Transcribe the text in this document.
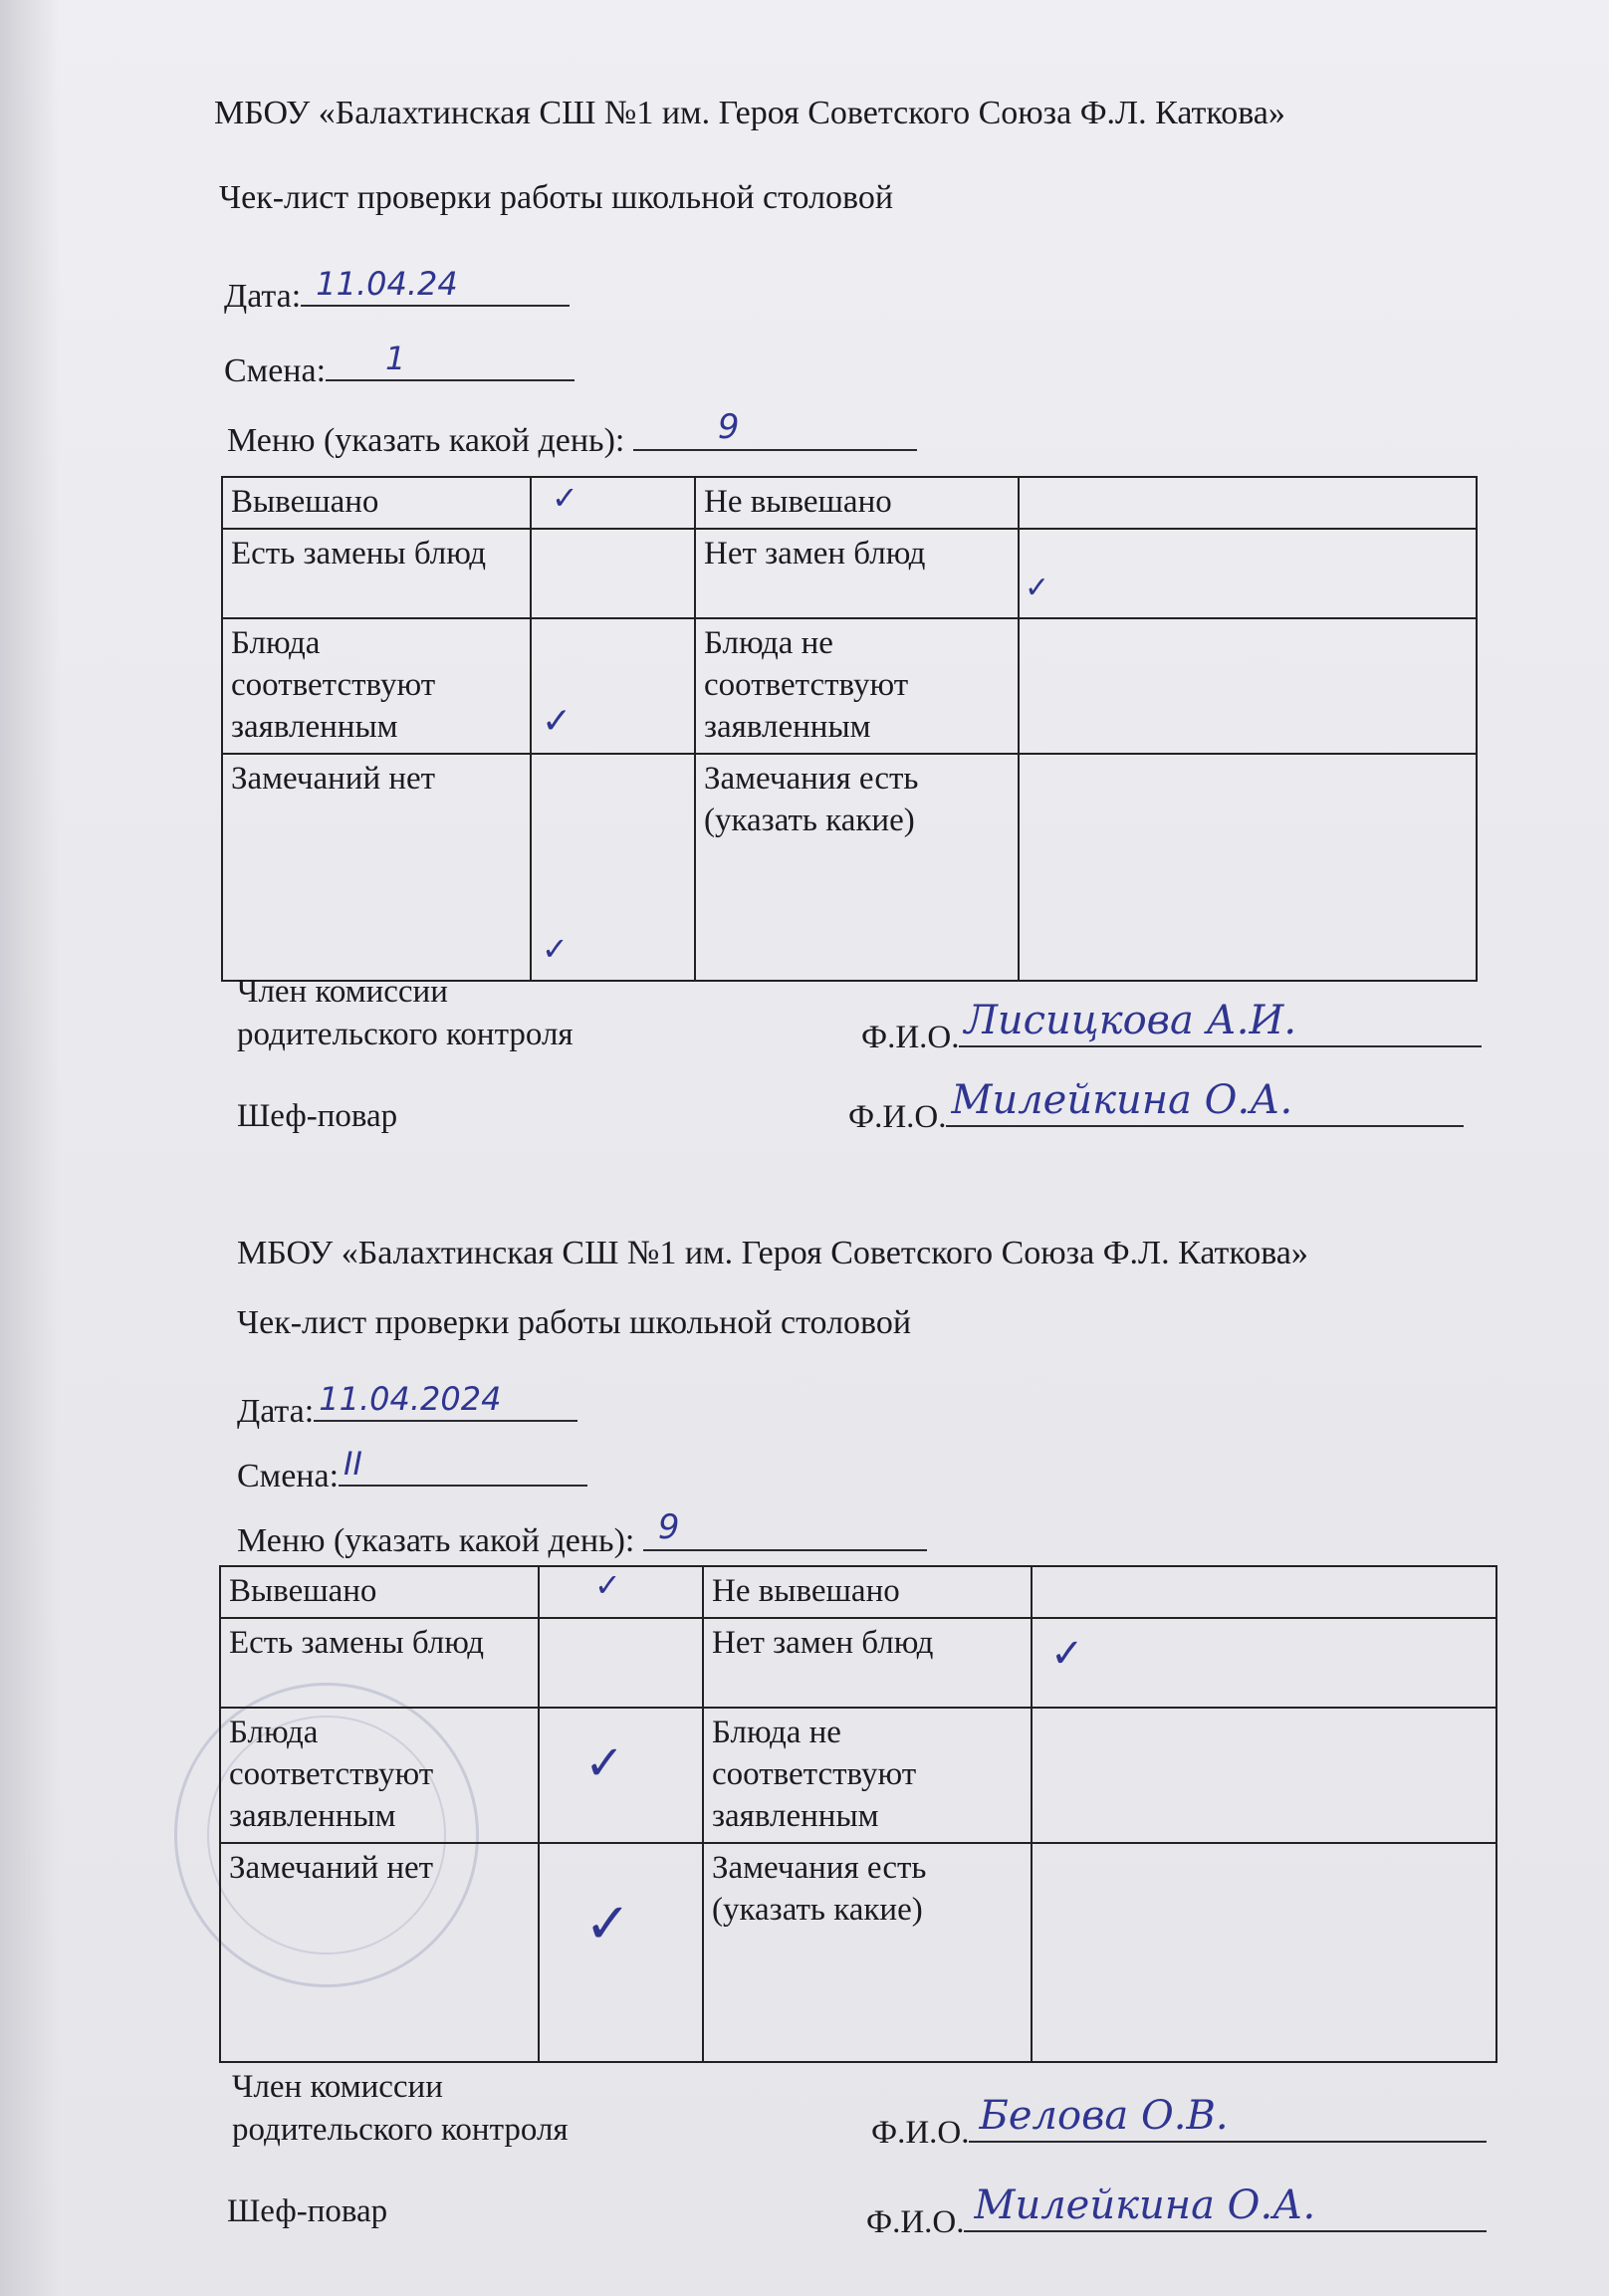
МБОУ «Балахтинская СШ №1 им. Героя Советского Союза Ф.Л. Каткова»
Чек-лист проверки работы школьной столовой
Дата: 11.04.24
Смена: 1
Меню (указать какой день):	9
Вывешано	✓	Не вывешано	

Есть замены блюд		Нет замен блюд	✓

Блюда соответствуют заявленным	✓	Блюда не соответствуют заявленным	

Замечаний нет	✓	Замечания есть (указать какие)	
Член комиссии родительского контроля	Ф.И.О. Лисицкова А.И.
Шеф-повар	Ф.И.О. Милейкина О.А.
МБОУ «Балахтинская СШ №1 им. Героя Советского Союза Ф.Л. Каткова»
Чек-лист проверки работы школьной столовой
Дата: 11.04.2024
Смена: II
Меню (указать какой день): 9
Вывешано	✓	Не вывешано	

Есть замены блюд		Нет замен блюд	✓

Блюда соответствуют заявленным	✓	Блюда не соответствуют заявленным	

Замечаний нет	✓	Замечания есть (указать какие)	
Член комиссии родительского контроля	Ф.И.О. Белова О.В.
Шеф-повар	Ф.И.О. Милейкина О.А.
